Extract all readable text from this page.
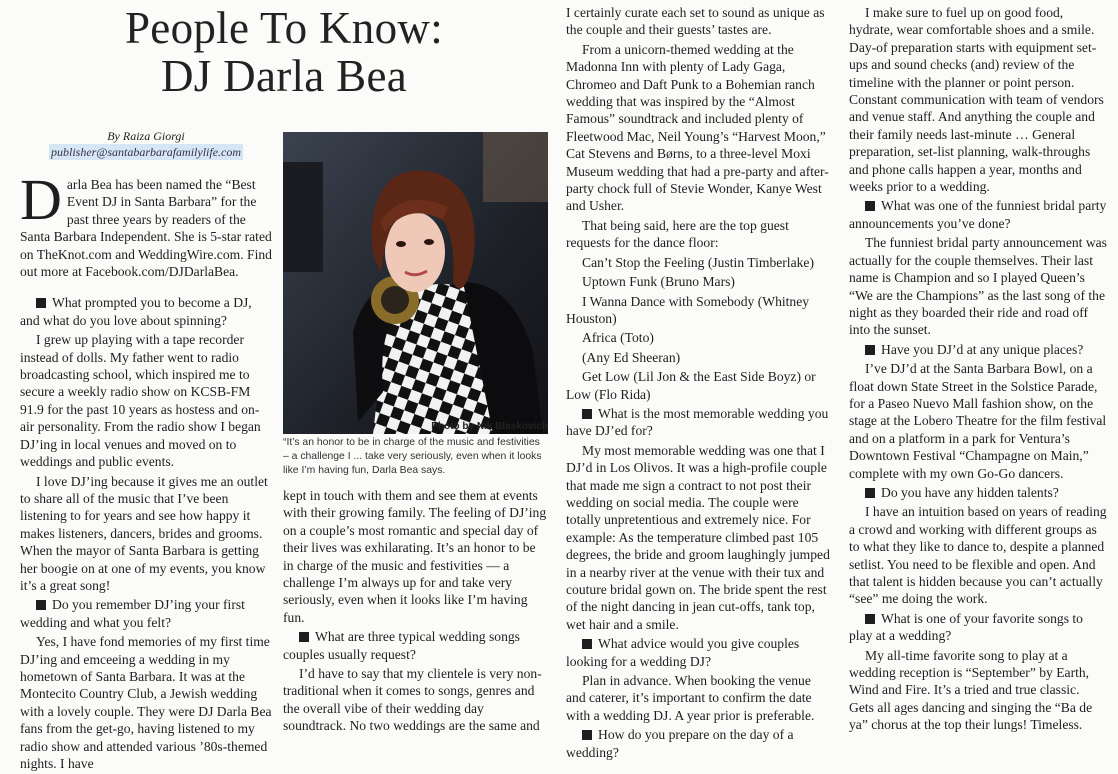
People To Know:
DJ Darla Bea
By Raiza Giorgi
publisher@santabarbarafamilylife.com

Darla Bea has been named the “Best Event DJ in Santa Barbara” for the past three years by readers of the Santa Barbara Independent. She is 5-star rated on TheKnot.com and WeddingWire.com. Find out more at Facebook.com/DJDarlaBea.

What prompted you to become a DJ, and what do you love about spinning?

I grew up playing with a tape recorder instead of dolls. My father went to radio broadcasting school, which inspired me to secure a weekly radio show on KCSB-FM 91.9 for the past 10 years as hostess and on-air personality. From the radio show I began DJ’ing in local venues and moved on to weddings and public events.

I love DJ’ing because it gives me an outlet to share all of the music that I’ve been listening to for years and see how happy it makes listeners, dancers, brides and grooms. When the mayor of Santa Barbara is getting her boogie on at one of my events, you know it’s a great song!

Do you remember DJ’ing your first wedding and what you felt?

Yes, I have fond memories of my first time DJ’ing and emceeing a wedding in my hometown of Santa Barbara. It was at the Montecito Country Club, a Jewish wedding with a lovely couple. They were DJ Darla Bea fans from the get-go, having listened to my radio show and attended various ’80s-themed nights. I have

Photo by Nik Blaskovich
“It’s an honor to be in charge of the music and festivities – a challenge I ... take very seriously, even when it looks like I’m having fun, Darla Bea says.

kept in touch with them and see them at events with their growing family. The feeling of DJ’ing on a couple’s most romantic and special day of their lives was exhilarating. It’s an honor to be in charge of the music and festivities — a challenge I’m always up for and take very seriously, even when it looks like I’m having fun.

What are three typical wedding songs couples usually request?

I’d have to say that my clientele is very non-traditional when it comes to songs, genres and the overall vibe of their wedding day soundtrack. No two weddings are the same and

I certainly curate each set to sound as unique as the couple and their guests’ tastes are.

From a unicorn-themed wedding at the Madonna Inn with plenty of Lady Gaga, Chromeo and Daft Punk to a Bohemian ranch wedding that was inspired by the “Almost Famous” soundtrack and included plenty of Fleetwood Mac, Neil Young’s “Harvest Moon,” Cat Stevens and Børns, to a three-level Moxi Museum wedding that had a pre-party and after-party chock full of Stevie Wonder, Kanye West and Usher.

That being said, here are the top guest requests for the dance floor:

Can’t Stop the Feeling (Justin Timberlake)

Uptown Funk (Bruno Mars)

I Wanna Dance with Somebody (Whitney Houston)

Africa (Toto)

(Any Ed Sheeran)

Get Low (Lil Jon & the East Side Boyz) or Low (Flo Rida)

What is the most memorable wedding you have DJ’ed for?

My most memorable wedding was one that I DJ’d in Los Olivos. It was a high-profile couple that made me sign a contract to not post their wedding on social media. The couple were totally unpretentious and extremely nice. For example: As the temperature climbed past 105 degrees, the bride and groom laughingly jumped in a nearby river at the venue with their tux and couture bridal gown on. The bride spent the rest of the night dancing in jean cut-offs, tank top, wet hair and a smile.

What advice would you give couples looking for a wedding DJ?

Plan in advance. When booking the venue and caterer, it’s important to confirm the date with a wedding DJ. A year prior is preferable.

How do you prepare on the day of a wedding?

I make sure to fuel up on good food, hydrate, wear comfortable shoes and a smile. Day-of preparation starts with equipment set-ups and sound checks (and) review of the timeline with the planner or point person. Constant communication with team of vendors and venue staff. And anything the couple and their family needs last-minute … General preparation, set-list planning, walk-throughs and phone calls happen a year, months and weeks prior to a wedding.

What was one of the funniest bridal party announcements you’ve done?

The funniest bridal party announcement was actually for the couple themselves. Their last name is Champion and so I played Queen’s “We are the Champions” as the last song of the night as they boarded their ride and road off into the sunset.

Have you DJ’d at any unique places?

I’ve DJ’d at the Santa Barbara Bowl, on a float down State Street in the Solstice Parade, for a Paseo Nuevo Mall fashion show, on the stage at the Lobero Theatre for the film festival and on a platform in a park for Ventura’s Downtown Festival “Champagne on Main,” complete with my own Go-Go dancers.

Do you have any hidden talents?

I have an intuition based on years of reading a crowd and working with different groups as to what they like to dance to, despite a planned setlist. You need to be flexible and open. And that talent is hidden because you can’t actually “see” me doing the work.

What is one of your favorite songs to play at a wedding?

My all-time favorite song to play at a wedding reception is “September” by Earth, Wind and Fire. It’s a tried and true classic. Gets all ages dancing and singing the “Ba de ya” chorus at the top their lungs! Timeless.
